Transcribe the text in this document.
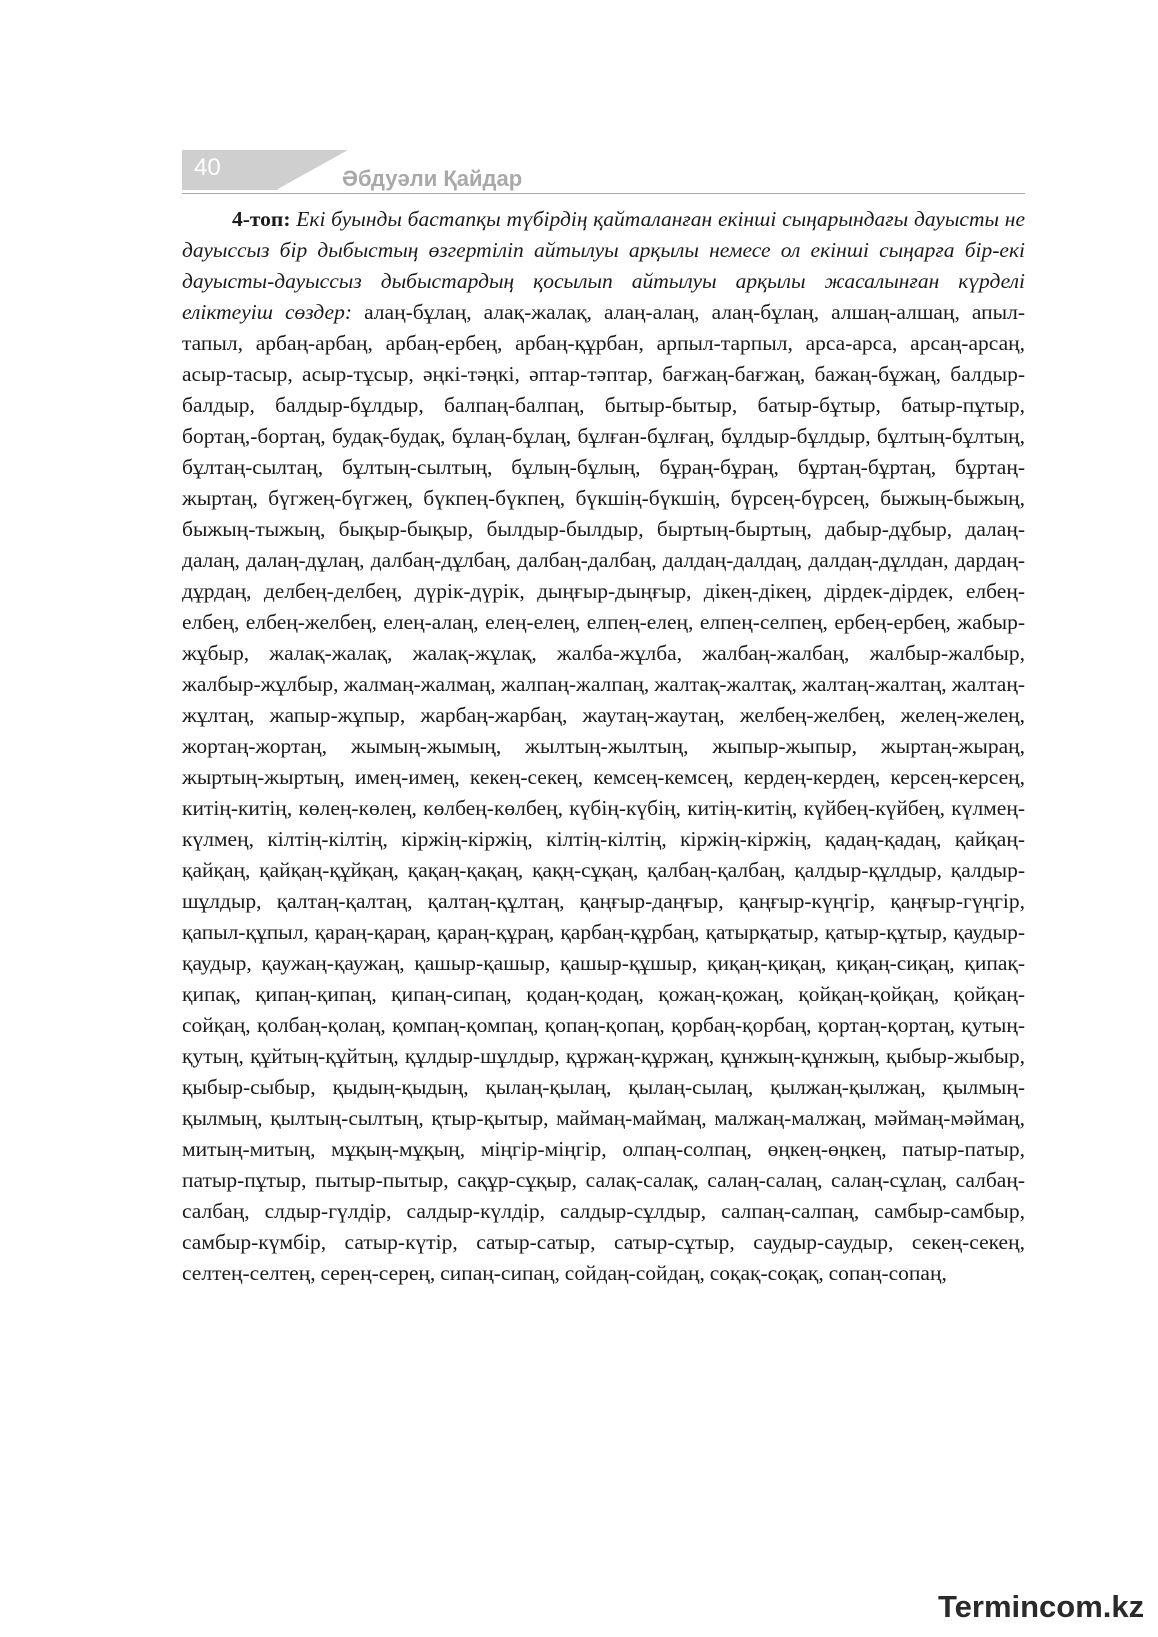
40	Әбдуәли Қайдар
4-топ: Екі буынды бастапқы түбірдің қайталанған екінші сыңарындағы дауысты не дауыссыз бір дыбыстың өзгертіліп айтылуы арқылы немесе ол екінші сыңарға бір-екі дауысты-дауыссыз дыбыстардың қосылып айтылуы арқылы жасалынған күрделі еліктеуіш сөздер: алаң-бұлаң, алақ-жалақ, алаң-алаң, алаң-бұлаң, алшаң-алшаң, апыл-тапыл, арбаң-арбаң, арбаң-ербең, арбаң-құрбан, арпыл-тарпыл, арса-арса, арсаң-арсаң, асыр-тасыр, асыр-тұсыр, әңкі-тәңкі, әптар-тәптар, бағжаң-бағжаң, бажаң-бұжаң, балдыр-балдыр, балдыр-бұлдыр, балпаң-балпаң, бытыр-бытыр, батыр-бұтыр, батыр-пұтыр, бортаң,-бортаң, будақ-будақ, бұлаң-бұлаң, бұлған-бұлғаң, бұлдыр-бұлдыр, бұлтың-бұлтың, бұлтаң-сылтаң, бұлтың-сылтың, бұлың-бұлың, бұраң-бұраң, бұртаң-бұртаң, бұртаң-жыртаң, бүгжең-бүгжең, бүкпең-бүкпең, бүкшің-бүкшің, бүрсең-бүрсең, быжың-быжың, быжың-тыжың, бықыр-бықыр, былдыр-былдыр, быртың-быртың, дабыр-дұбыр, далаң-далаң, далаң-дұлаң, далбаң-дұлбаң, далбаң-далбаң, далдаң-далдаң, далдаң-дұлдан, дардаң-дұрдаң, делбең-делбең, дүрік-дүрік, дыңғыр-дыңғыр, дікең-дікең, дірдек-дірдек, елбең-елбең, елбең-желбең, елең-алаң, елең-елең, елпең-елең, елпең-селпең, ербең-ербең, жабыр-жұбыр, жалақ-жалақ, жалақ-жұлақ, жалба-жұлба, жалбаң-жалбаң, жалбыр-жалбыр, жалбыр-жұлбыр, жалмаң-жалмаң, жалпаң-жалпаң, жалтақ-жалтақ, жалтаң-жалтаң, жалтаң-жұлтаң, жапыр-жұпыр, жарбаң-жарбаң, жаутаң-жаутаң, желбең-желбең, желең-желең, жортаң-жортаң, жымың-жымың, жылтың-жылтың, жыпыр-жыпыр, жыртаң-жыраң, жыртың-жыртың, имең-имең, кекең-секең, кемсең-кемсең, кердең-кердең, керсең-керсең, китің-китің, көлең-көлең, көлбең-көлбең, күбің-күбің, китің-китің, күйбең-күйбең, күлмең-күлмең, кілтің-кілтің, кіржің-кіржің, кілтің-кілтің, кіржің-кіржің, қадаң-қадаң, қайқаң-қайқаң, қайқаң-құйқаң, қақаң-қақаң, қақң-сұқаң, қалбаң-қалбаң, қалдыр-құлдыр, қалдыр-шұлдыр, қалтаң-қалтаң, қалтаң-құлтаң, қаңғыр-даңғыр, қаңғыр-күңгір, қаңғыр-гүңгір, қапыл-құпыл, қараң-қараң, қараң-құраң, қарбаң-құрбаң, қатырқатыр, қатыр-құтыр, қаудыр-қаудыр, қаужаң-қаужаң, қашыр-қашыр, қашыр-құшыр, қиқаң-қиқаң, қиқаң-сиқаң, қипақ-қипақ, қипаң-қипаң, қипаң-сипаң, қодаң-қодаң, қожаң-қожаң, қойқаң-қойқаң, қойқаң-сойқаң, қолбаң-қолаң, қомпаң-қомпаң, қопаң-қопаң, қорбаң-қорбаң, қортаң-қортаң, қутың-қутың, құйтың-құйтың, құлдыр-шұлдыр, құржаң-құржаң, құнжың-құнжың, қыбыр-жыбыр, қыбыр-сыбыр, қыдың-қыдың, қылаң-қылаң, қылаң-сылаң, қылжаң-қылжаң, қылмың-қылмың, қылтың-сылтың, қтыр-қытыр, маймаң-маймаң, малжаң-малжаң, мәймаң-мәймаң, митың-митың, мұқың-мұқың, міңгір-міңгір, олпаң-солпаң, өңкең-өңкең, патыр-патыр, патыр-пұтыр, пытыр-пытыр, сақұр-сұқыр, салақ-салақ, салаң-салаң, салаң-сұлаң, салбаң-салбаң, слдыр-гүлдір, салдыр-күлдір, салдыр-сұлдыр, салпаң-салпаң, самбыр-самбыр, самбыр-күмбір, сатыр-күтір, сатыр-сатыр, сатыр-сұтыр, саудыр-саудыр, секең-секең, селтең-селтең, серең-серең, сипаң-сипаң, сойдаң-сойдаң, соқақ-соқақ, сопаң-сопаң,
Termincom.kz
